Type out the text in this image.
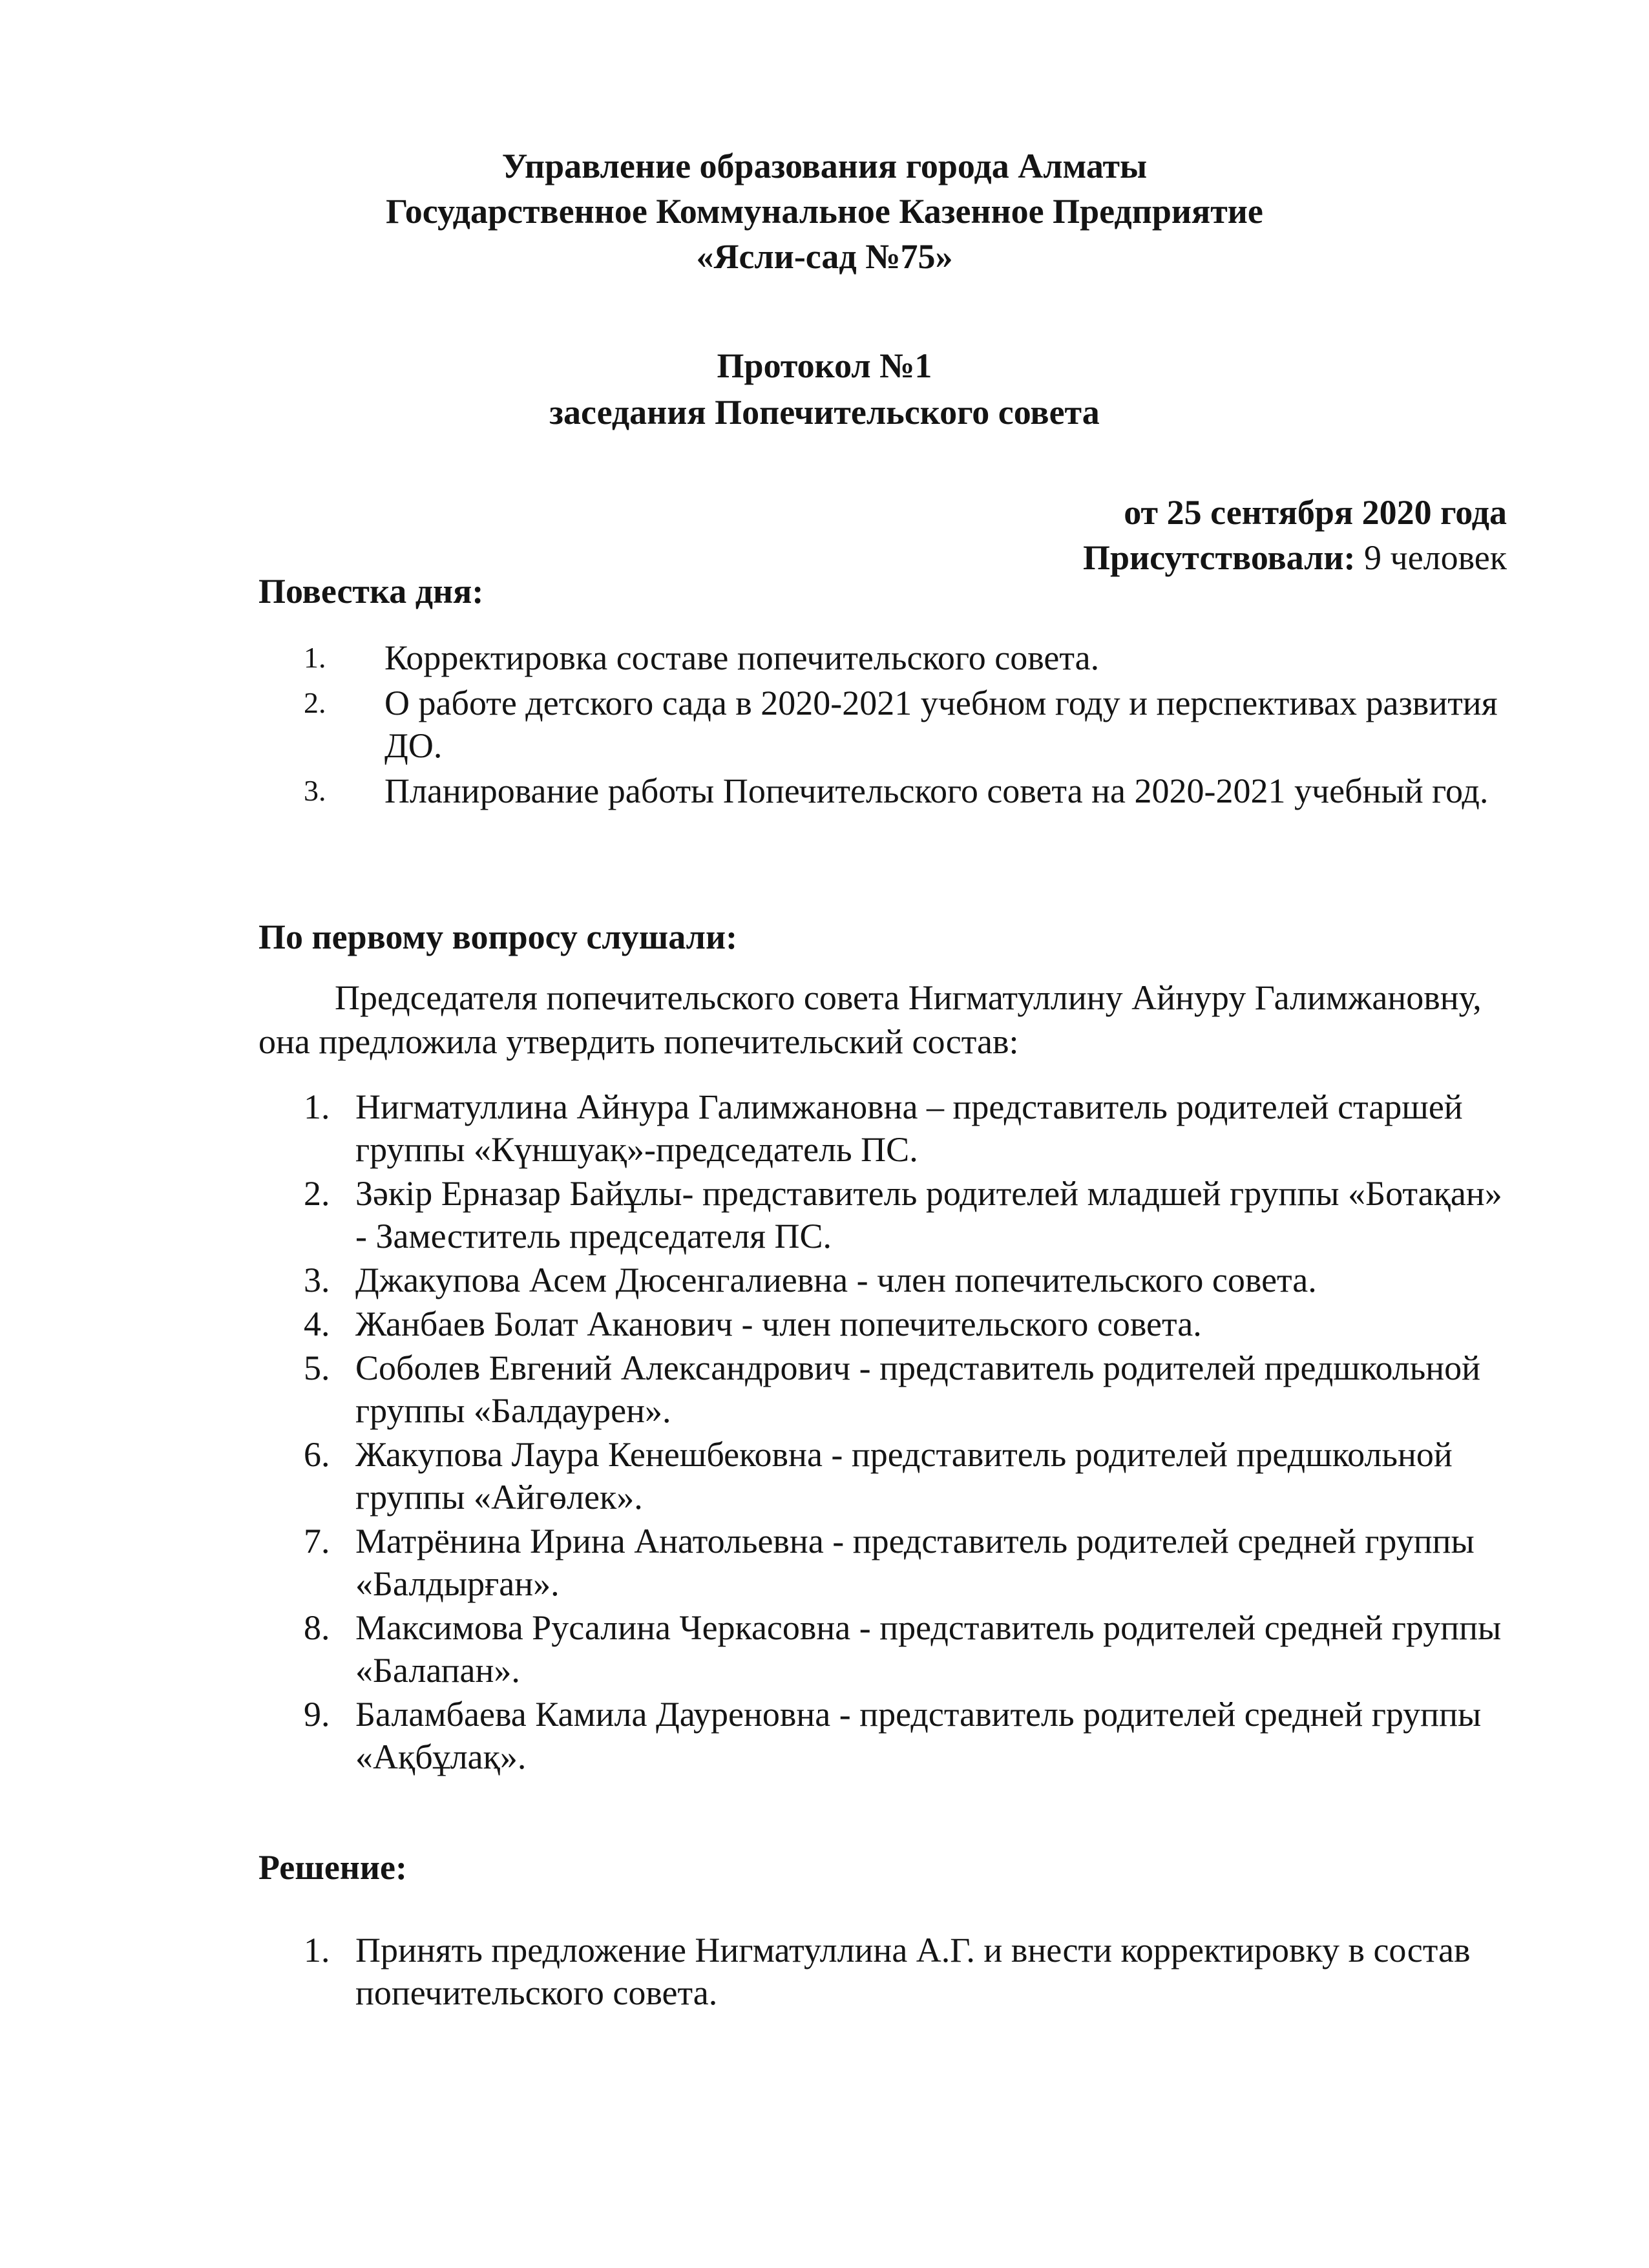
Управление образования города Алматы
Государственное Коммунальное Казенное Предприятие
«Ясли-сад №75»
Протокол №1
заседания Попечительского совета
от 25 сентября 2020 года
Присутствовали: 9 человек
Повестка дня:
1.	Корректировка составе попечительского совета.
2.	О работе детского сада в 2020-2021 учебном году и перспективах развития ДО.
3.	Планирование работы Попечительского совета на 2020-2021 учебный год.
По первому вопросу слушали:
Председателя попечительского совета Нигматуллину Айнуру Галимжановну, она предложила утвердить попечительский состав:
1. Нигматуллина Айнура Галимжановна – представитель родителей старшей группы «Күншуақ»-председатель ПС.
2. Зәкір Ерназар Байұлы- представитель родителей младшей группы «Ботақан» - Заместитель председателя ПС.
3. Джакупова Асем Дюсенгалиевна - член попечительского совета.
4. Жанбаев Болат Аканович - член попечительского совета.
5. Соболев Евгений Александрович - представитель родителей предшкольной группы «Балдаурен».
6. Жакупова Лаура Кенешбековна - представитель родителей предшкольной группы «Айгөлек».
7. Матрёнина Ирина Анатольевна - представитель родителей средней группы «Балдырған».
8. Максимова Русалина Черкасовна - представитель родителей средней группы «Балапан».
9. Баламбаева Камила Дауреновна - представитель родителей средней группы «Ақбұлақ».
Решение:
1. Принять предложение Нигматуллина А.Г. и внести корректировку в состав попечительского совета.
